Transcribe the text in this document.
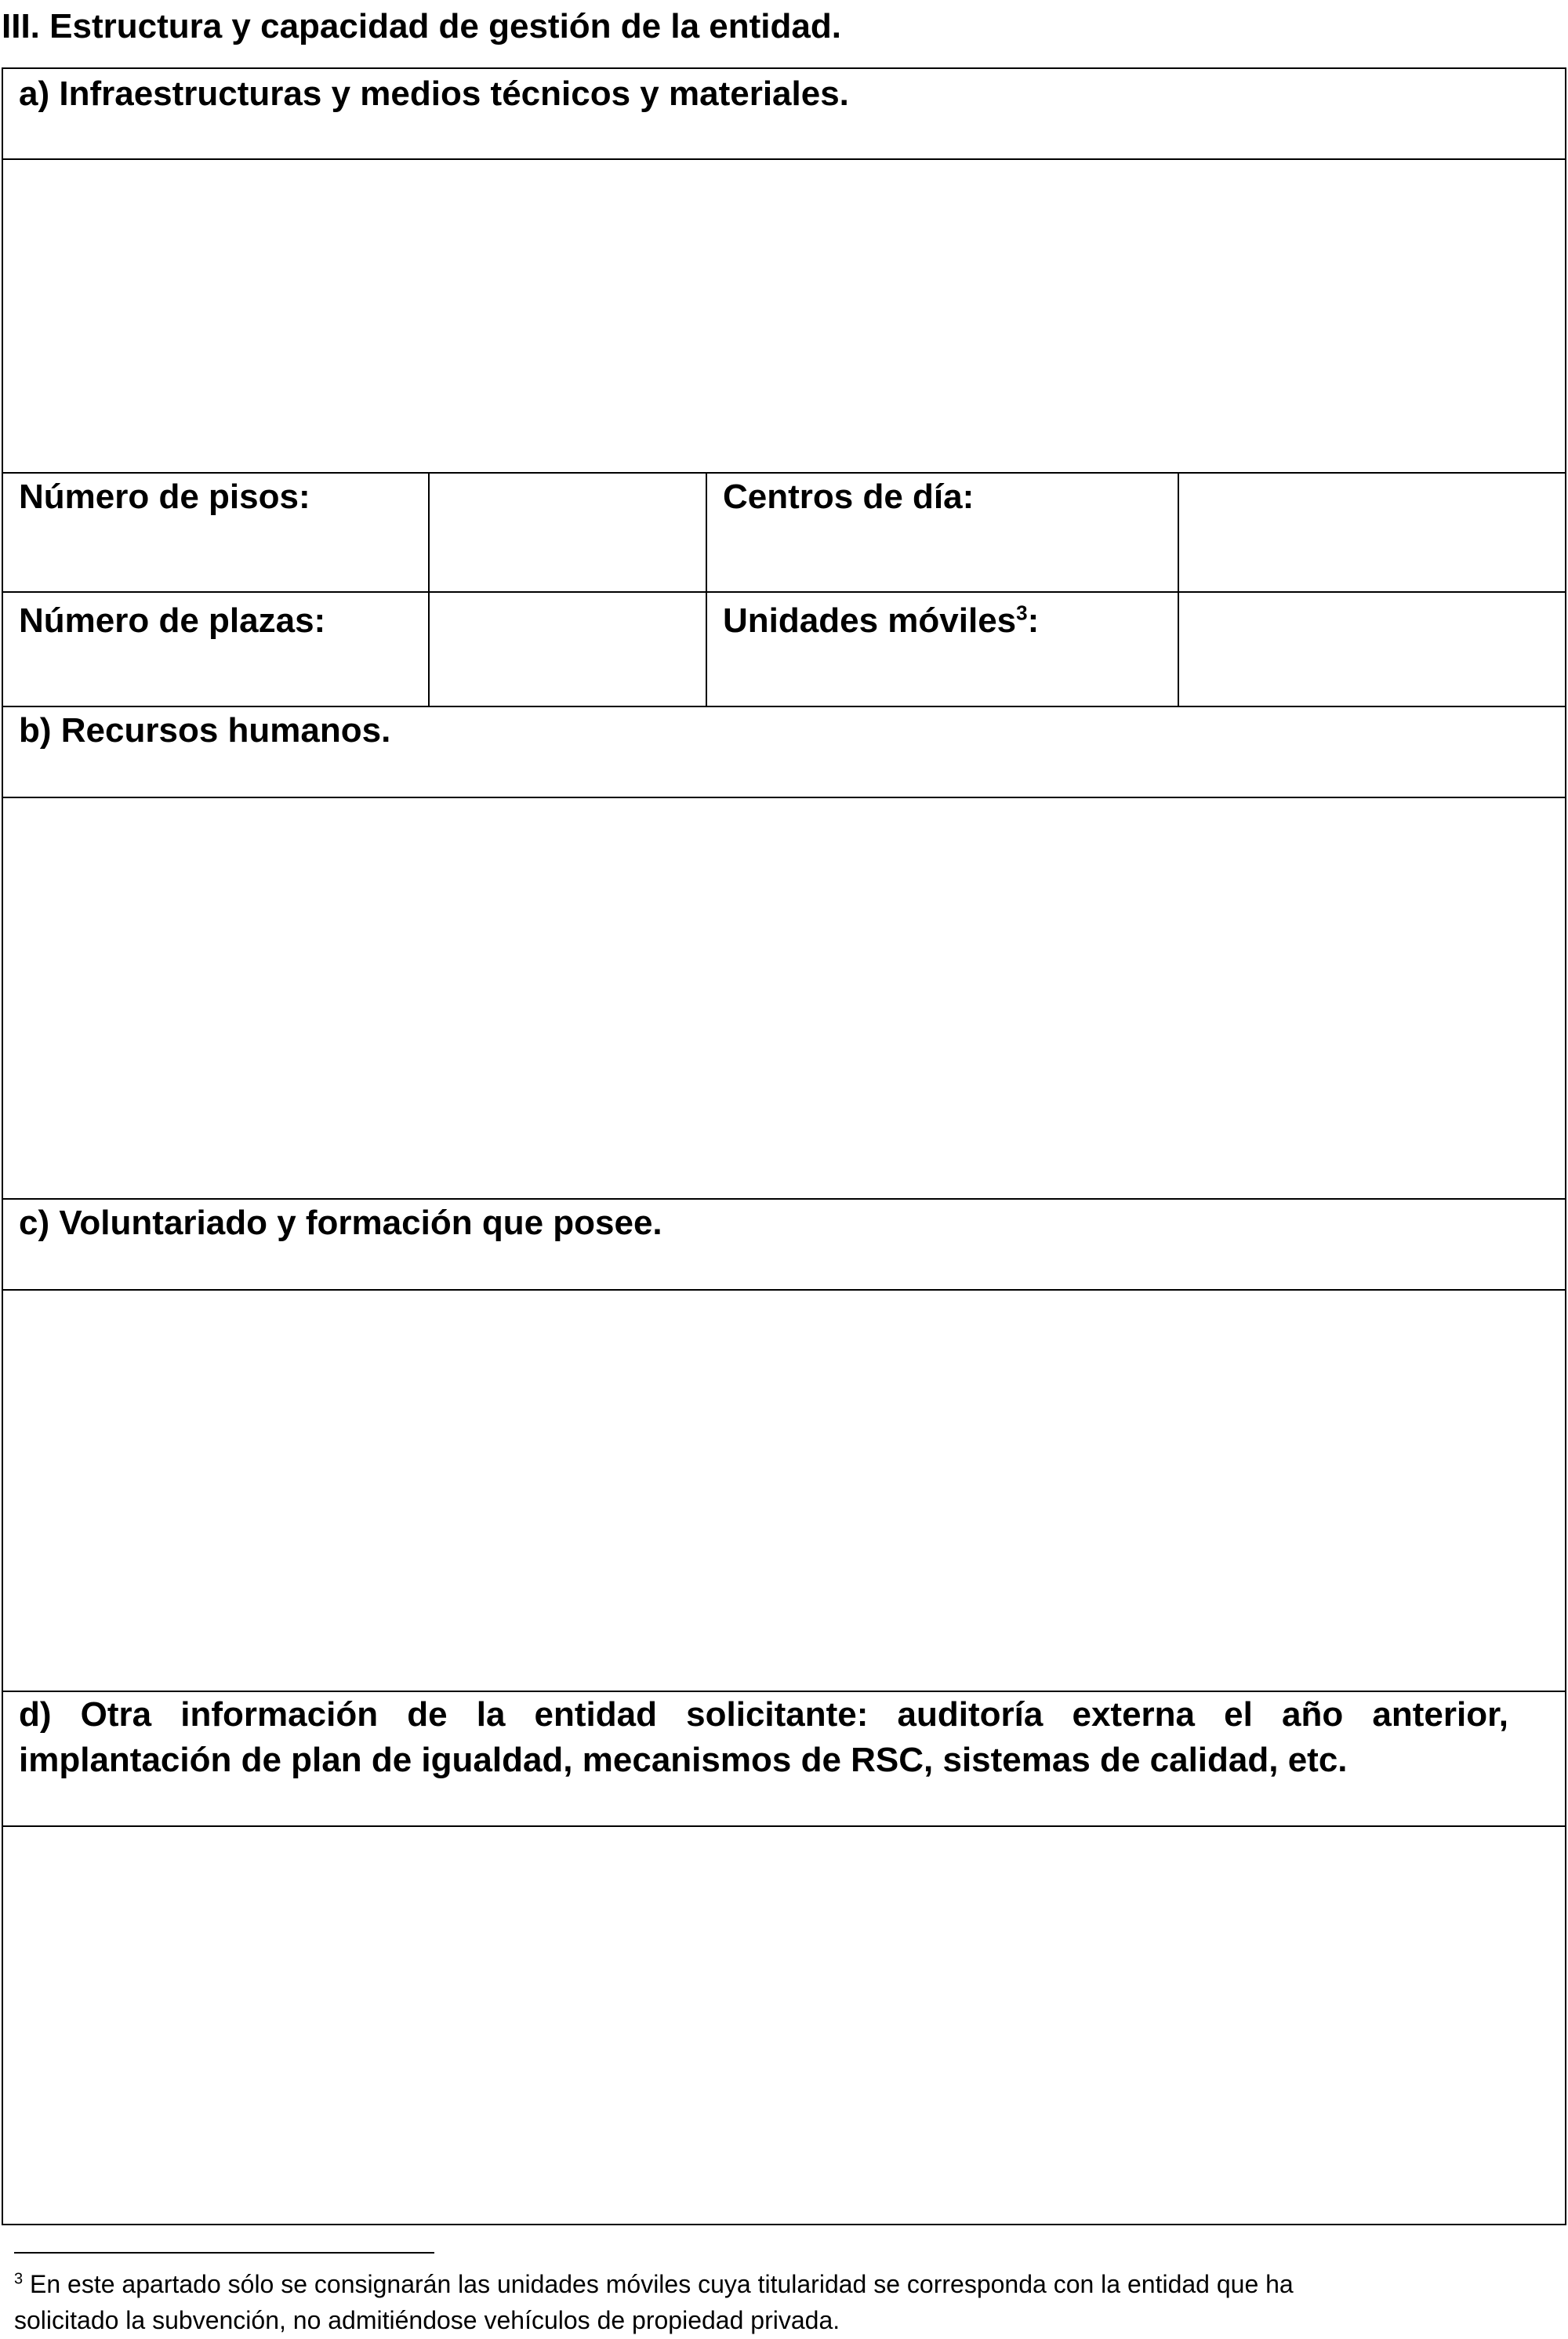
III. Estructura y capacidad de gestión de la entidad.
a) Infraestructuras y medios técnicos y materiales.
Número de pisos:	Centros de día:
Número de plazas:	Unidades móviles$^3$:
b) Recursos humanos.
c) Voluntariado y formación que posee.
d) Otra información de la entidad solicitante: auditoría externa el año anterior, implantación de plan de igualdad, mecanismos de RSC, sistemas de calidad, etc.
$^3$ En este apartado sólo se consignarán las unidades móviles cuya titularidad se corresponda con la entidad que ha solicitado la subvención, no admitiéndose vehículos de propiedad privada.
